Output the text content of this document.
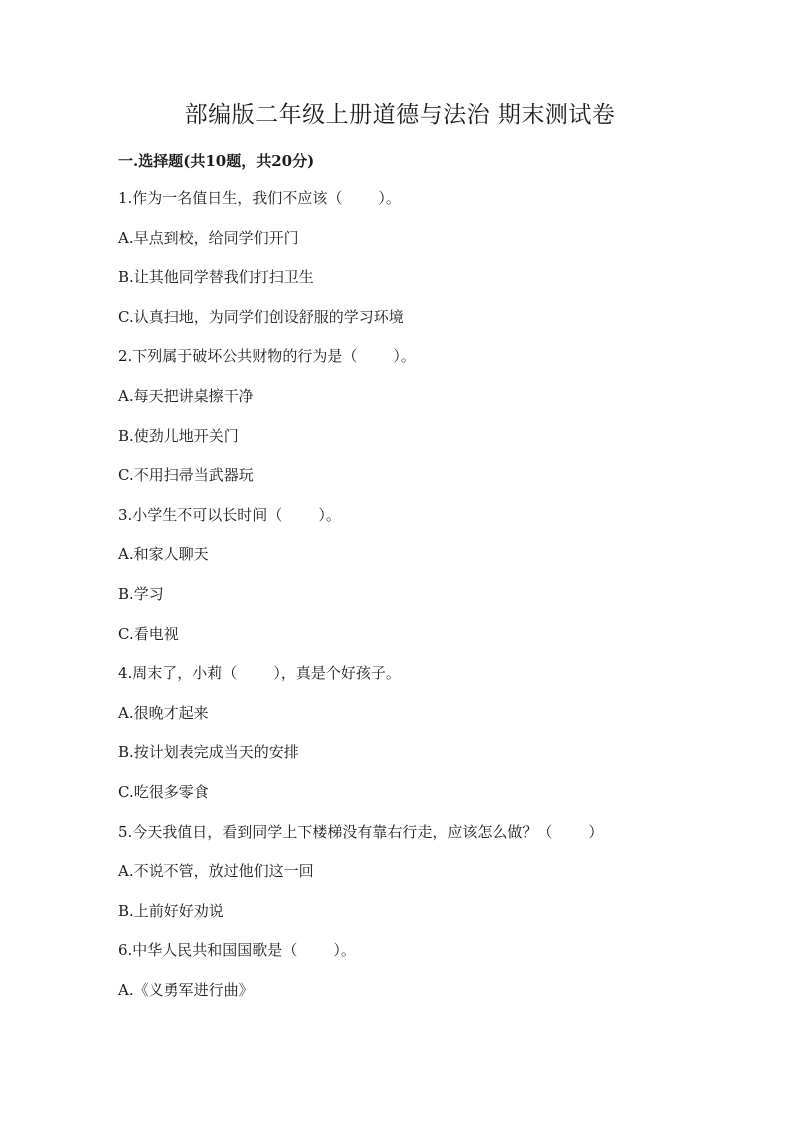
部编版二年级上册道德与法治 期末测试卷
一.选择题(共10题，共20分)
1.作为一名值日生，我们不应该（ ）。
A.早点到校，给同学们开门
B.让其他同学替我们打扫卫生
C.认真扫地，为同学们创设舒服的学习环境
2.下列属于破坏公共财物的行为是（ ）。
A.每天把讲桌擦干净
B.使劲儿地开关门
C.不用扫帚当武器玩
3.小学生不可以长时间（ ）。
A.和家人聊天
B.学习
C.看电视
4.周末了，小莉（ ），真是个好孩子。
A.很晚才起来
B.按计划表完成当天的安排
C.吃很多零食
5.今天我值日，看到同学上下楼梯没有靠右行走，应该怎么做？（ ）
A.不说不管，放过他们这一回
B.上前好好劝说
6.中华人民共和国国歌是（ ）。
A.《义勇军进行曲》
